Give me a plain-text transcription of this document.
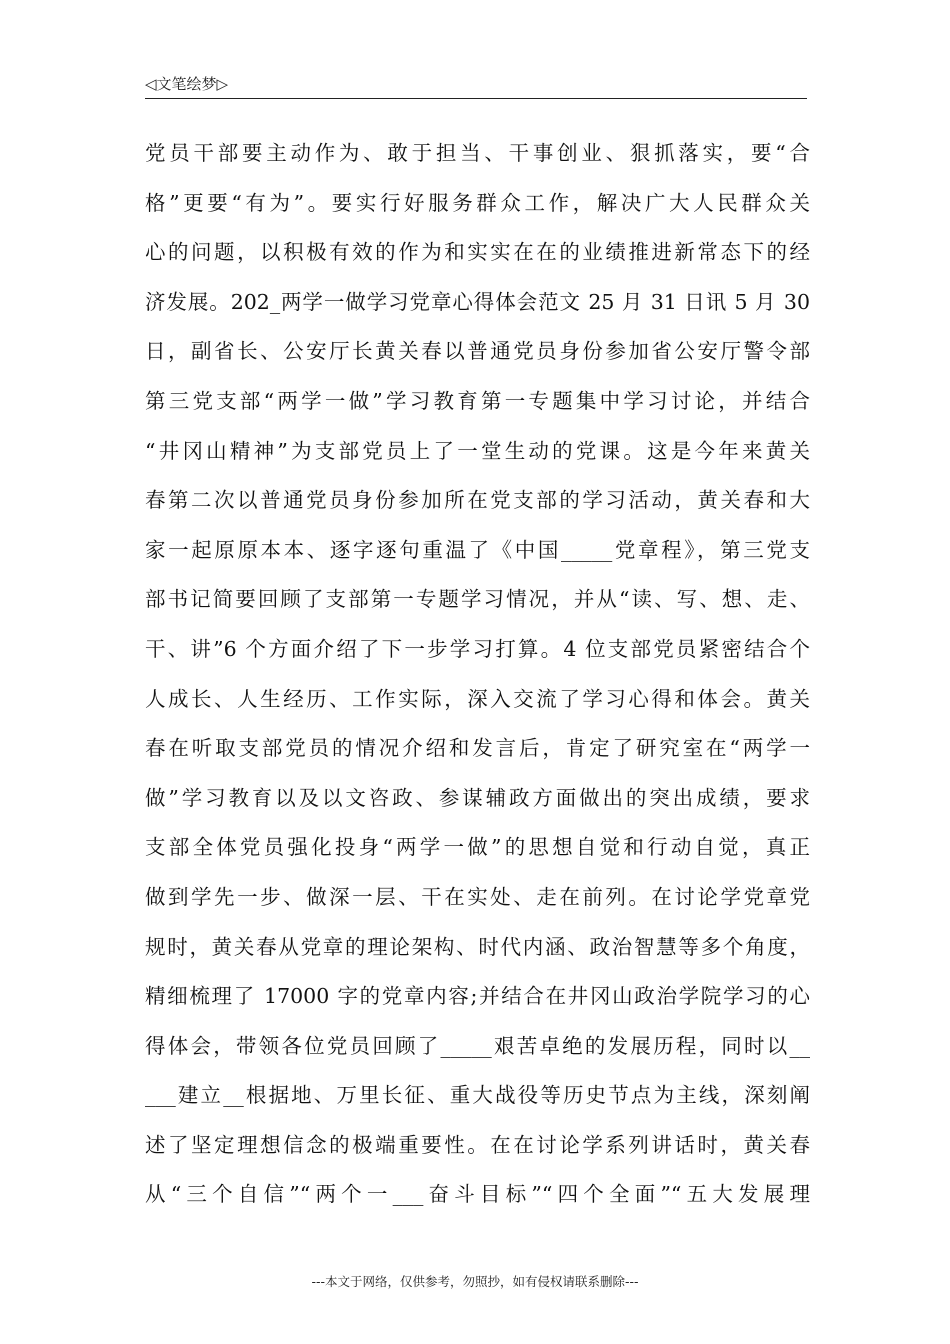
◁文笔绘梦▷
党员干部要主动作为、敢于担当、干事创业、狠抓落实，要“合
格”更要“有为”。要实行好服务群众工作，解决广大人民群众关
心的问题，以积极有效的作为和实实在在的业绩推进新常态下的经
济发展。202_两学一做学习党章心得体会范文 25 月 31 日讯 5 月 30
日，副省长、公安厅长黄关春以普通党员身份参加省公安厅警令部
第三党支部“两学一做”学习教育第一专题集中学习讨论，并结合
“井冈山精神”为支部党员上了一堂生动的党课。这是今年来黄关
春第二次以普通党员身份参加所在党支部的学习活动，黄关春和大
家一起原原本本、逐字逐句重温了《中国_____党章程》，第三党支
部书记简要回顾了支部第一专题学习情况，并从“读、写、想、走、
干、讲”6 个方面介绍了下一步学习打算。4 位支部党员紧密结合个
人成长、人生经历、工作实际，深入交流了学习心得和体会。黄关
春在听取支部党员的情况介绍和发言后，肯定了研究室在“两学一
做”学习教育以及以文咨政、参谋辅政方面做出的突出成绩，要求
支部全体党员强化投身“两学一做”的思想自觉和行动自觉，真正
做到学先一步、做深一层、干在实处、走在前列。在讨论学党章党
规时，黄关春从党章的理论架构、时代内涵、政治智慧等多个角度，
精细梳理了 17000 字的党章内容;并结合在井冈山政治学院学习的心
得体会，带领各位党员回顾了_____艰苦卓绝的发展历程，同时以__
___建立__根据地、万里长征、重大战役等历史节点为主线，深刻阐
述了坚定理想信念的极端重要性。在在讨论学系列讲话时，黄关春
从“三个自信”“两个一___奋斗目标”“四个全面”“五大发展理
---本文于网络，仅供参考，勿照抄，如有侵权请联系删除---
